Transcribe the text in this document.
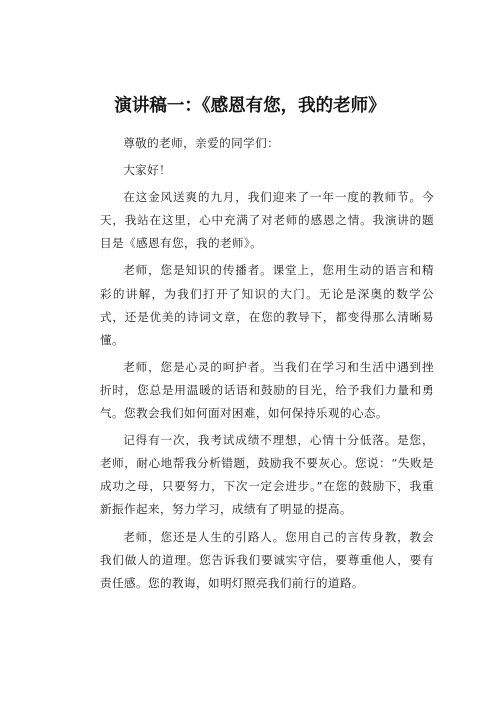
演讲稿一：《感恩有您，我的老师》

尊敬的老师，亲爱的同学们：

大家好！

在这金风送爽的九月，我们迎来了一年一度的教师节。今天，我站在这里，心中充满了对老师的感恩之情。我演讲的题目是《感恩有您，我的老师》。

老师，您是知识的传播者。课堂上，您用生动的语言和精彩的讲解，为我们打开了知识的大门。无论是深奥的数学公式，还是优美的诗词文章，在您的教导下，都变得那么清晰易懂。

老师，您是心灵的呵护者。当我们在学习和生活中遇到挫折时，您总是用温暖的话语和鼓励的目光，给予我们力量和勇气。您教会我们如何面对困难，如何保持乐观的心态。

记得有一次，我考试成绩不理想，心情十分低落。是您，老师，耐心地帮我分析错题，鼓励我不要灰心。您说：“失败是成功之母，只要努力，下次一定会进步。”在您的鼓励下，我重新振作起来，努力学习，成绩有了明显的提高。

老师，您还是人生的引路人。您用自己的言传身教，教会我们做人的道理。您告诉我们要诚实守信，要尊重他人，要有责任感。您的教诲，如明灯照亮我们前行的道路。
